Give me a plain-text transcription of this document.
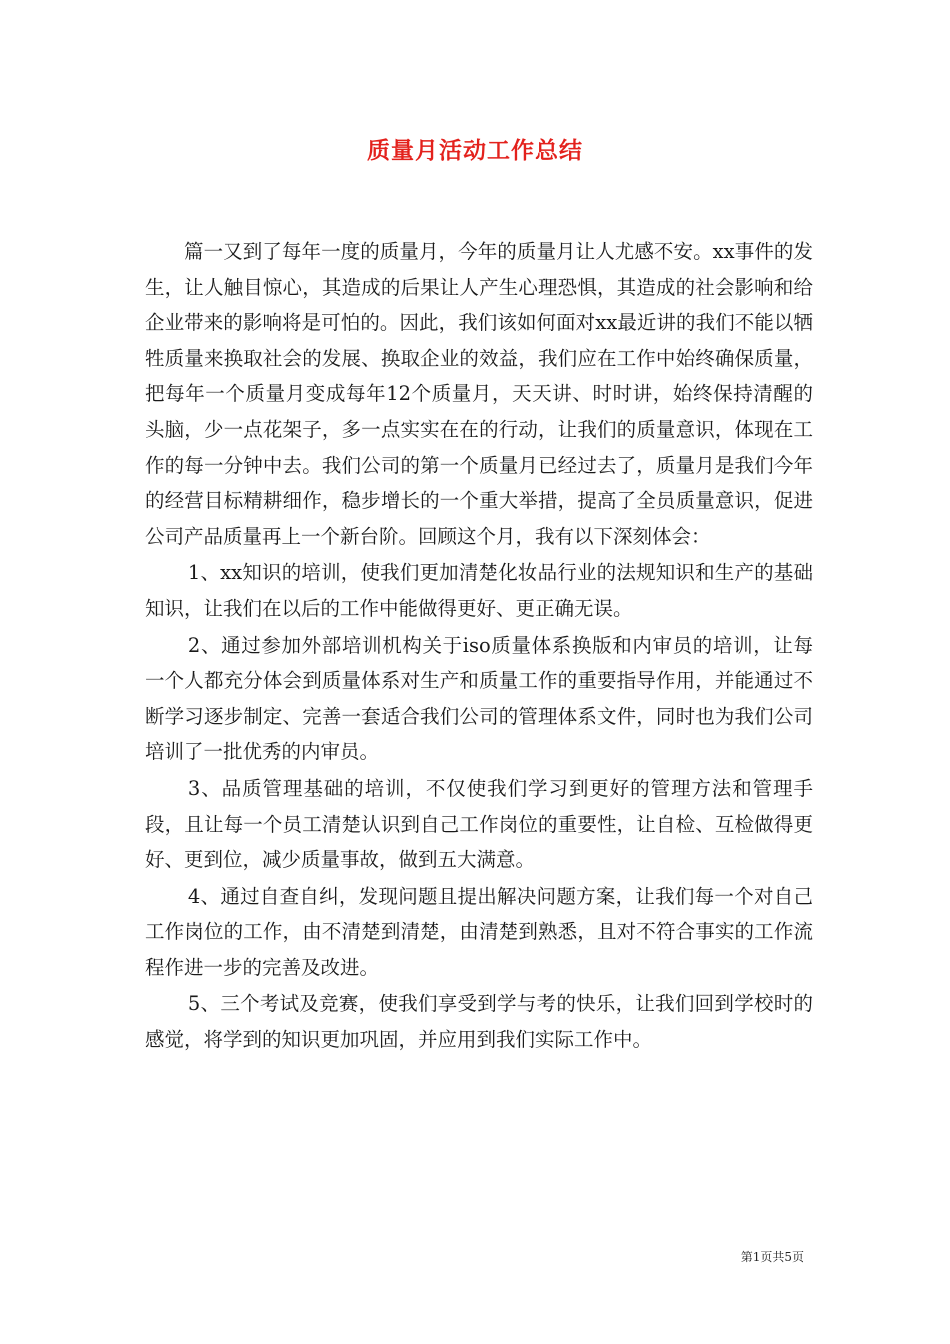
质量月活动工作总结

篇一又到了每年一度的质量月，今年的质量月让人尤感不安。xx事件的发生，让人触目惊心，其造成的后果让人产生心理恐惧，其造成的社会影响和给企业带来的影响将是可怕的。因此，我们该如何面对xx最近讲的我们不能以牺牲质量来换取社会的发展、换取企业的效益，我们应在工作中始终确保质量，把每年一个质量月变成每年12个质量月，天天讲、时时讲，始终保持清醒的头脑，少一点花架子，多一点实实在在的行动，让我们的质量意识，体现在工作的每一分钟中去。我们公司的第一个质量月已经过去了，质量月是我们今年的经营目标精耕细作，稳步增长的一个重大举措，提高了全员质量意识，促进公司产品质量再上一个新台阶。回顾这个月，我有以下深刻体会：

1、xx知识的培训，使我们更加清楚化妆品行业的法规知识和生产的基础知识，让我们在以后的工作中能做得更好、更正确无误。

2、通过参加外部培训机构关于iso质量体系换版和内审员的培训，让每一个人都充分体会到质量体系对生产和质量工作的重要指导作用，并能通过不断学习逐步制定、完善一套适合我们公司的管理体系文件，同时也为我们公司培训了一批优秀的内审员。

3、品质管理基础的培训，不仅使我们学习到更好的管理方法和管理手段，且让每一个员工清楚认识到自己工作岗位的重要性，让自检、互检做得更好、更到位，减少质量事故，做到五大满意。

4、通过自查自纠，发现问题且提出解决问题方案，让我们每一个对自己工作岗位的工作，由不清楚到清楚，由清楚到熟悉，且对不符合事实的工作流程作进一步的完善及改进。

5、三个考试及竞赛，使我们享受到学与考的快乐，让我们回到学校时的感觉，将学到的知识更加巩固，并应用到我们实际工作中。

第1页共5页
